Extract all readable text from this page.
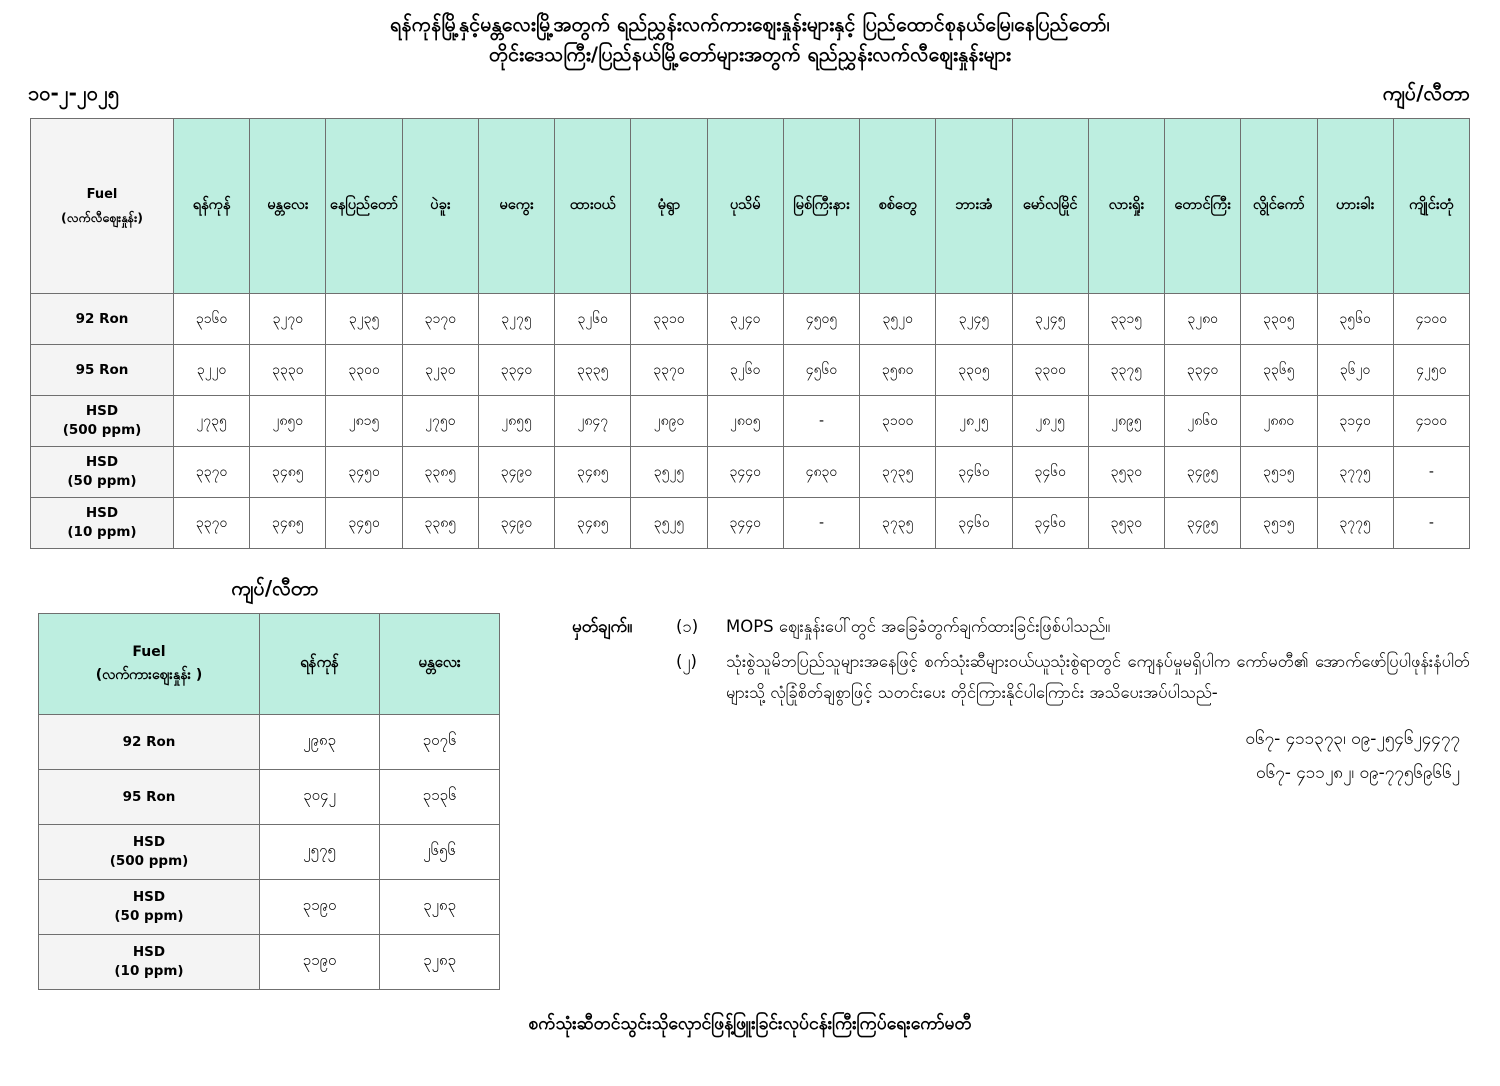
ရန်ကုန်မြို့နှင့်မန္တလေးမြို့အတွက် ရည်ညွှန်းလက်ကားဈေးနှုန်းများနှင့် ပြည်ထောင်စုနယ်မြေ၊နေပြည်တော်၊
တိုင်းဒေသကြီး/ပြည်နယ်မြို့တော်များအတွက် ရည်ညွှန်းလက်လီဈေးနှုန်းများ
၁၀-၂-၂၀၂၅	ကျပ်/လီတာ
Fuel
(လက်လီဈေးနှုန်း)	ရန်ကုန်	မန္တလေး	နေပြည်တော်	ပဲခူး	မကွေး	ထားဝယ်	မုံရွာ	ပုသိမ်	မြစ်ကြီးနား	စစ်တွေ	ဘားအံ	မော်လမြိုင်	လားရှိုး	တောင်ကြီး	လွိုင်ကော်	ဟားခါး	ကျိုင်းတုံ
92 Ron	၃၁၆၀	၃၂၇၀	၃၂၃၅	၃၁၇၀	၃၂၇၅	၃၂၆၀	၃၃၁၀	၃၂၄၀	၄၅၀၅	၃၅၂၀	၃၂၄၅	၃၂၄၅	၃၃၁၅	၃၂၈၀	၃၃၀၅	၃၅၆၀	၄၁၀၀
95 Ron	၃၂၂၀	၃၃၃၀	၃၃၀၀	၃၂၃၀	၃၃၄၀	၃၃၃၅	၃၃၇၀	၃၂၆၀	၄၅၆၀	၃၅၈၀	၃၃၀၅	၃၃၀၀	၃၃၇၅	၃၃၄၀	၃၃၆၅	၃၆၂၀	၄၂၅၀
HSD
(500 ppm)	၂၇၃၅	၂၈၅၀	၂၈၁၅	၂၇၅၀	၂၈၅၅	၂၈၄၇	၂၈၉၀	၂၈၀၅	-	၃၁၀၀	၂၈၂၅	၂၈၂၅	၂၈၉၅	၂၈၆၀	၂၈၈၀	၃၁၄၀	၄၁၀၀
HSD
(50 ppm)	၃၃၇၀	၃၄၈၅	၃၄၅၀	၃၃၈၅	၃၄၉၀	၃၄၈၅	၃၅၂၅	၃၄၄၀	၄၈၃၀	၃၇၃၅	၃၄၆၀	၃၄၆၀	၃၅၃၀	၃၄၉၅	၃၅၁၅	၃၇၇၅	-
HSD
(10 ppm)	၃၃၇၀	၃၄၈၅	၃၄၅၀	၃၃၈၅	၃၄၉၀	၃၄၈၅	၃၅၂၅	၃၄၄၀	-	၃၇၃၅	၃၄၆၀	၃၄၆၀	၃၅၃၀	၃၄၉၅	၃၅၁၅	၃၇၇၅	-
ကျပ်/လီတာ
Fuel
(လက်ကားဈေးနှုန်း )	ရန်ကုန်	မန္တလေး
92 Ron	၂၉၈၃	၃၀၇၆
95 Ron	၃၀၄၂	၃၁၃၆
HSD
(500 ppm)	၂၅၇၅	၂၆၅၆
HSD
(50 ppm)	၃၁၉၀	၃၂၈၃
HSD
(10 ppm)	၃၁၉၀	၃၂၈၃
မှတ်ချက်။	(၁)	MOPS ဈေးနှုန်းပေါ်တွင် အခြေခံတွက်ချက်ထားခြင်းဖြစ်ပါသည်။
(၂)	သုံးစွဲသူမိဘပြည်သူများအနေဖြင့် စက်သုံးဆီများဝယ်ယူသုံးစွဲရာတွင် ကျေနပ်မှုမရှိပါက ကော်မတီ၏ အောက်ဖော်ပြပါဖုန်းနံပါတ်များသို့ လုံခြုံစိတ်ချစွာဖြင့် သတင်းပေး တိုင်ကြားနိုင်ပါကြောင်း အသိပေးအပ်ပါသည်-
၀၆၇- ၄၁၁၃၇၃၊ ၀၉-၂၅၄၆၂၄၄၇၇
၀၆၇- ၄၁၁၂၈၂၊ ၀၉-၇၇၅၆၉၆၆၂
စက်သုံးဆီတင်သွင်းသိုလှောင်ဖြန့်ဖြူးခြင်းလုပ်ငန်းကြီးကြပ်ရေးကော်မတီ
